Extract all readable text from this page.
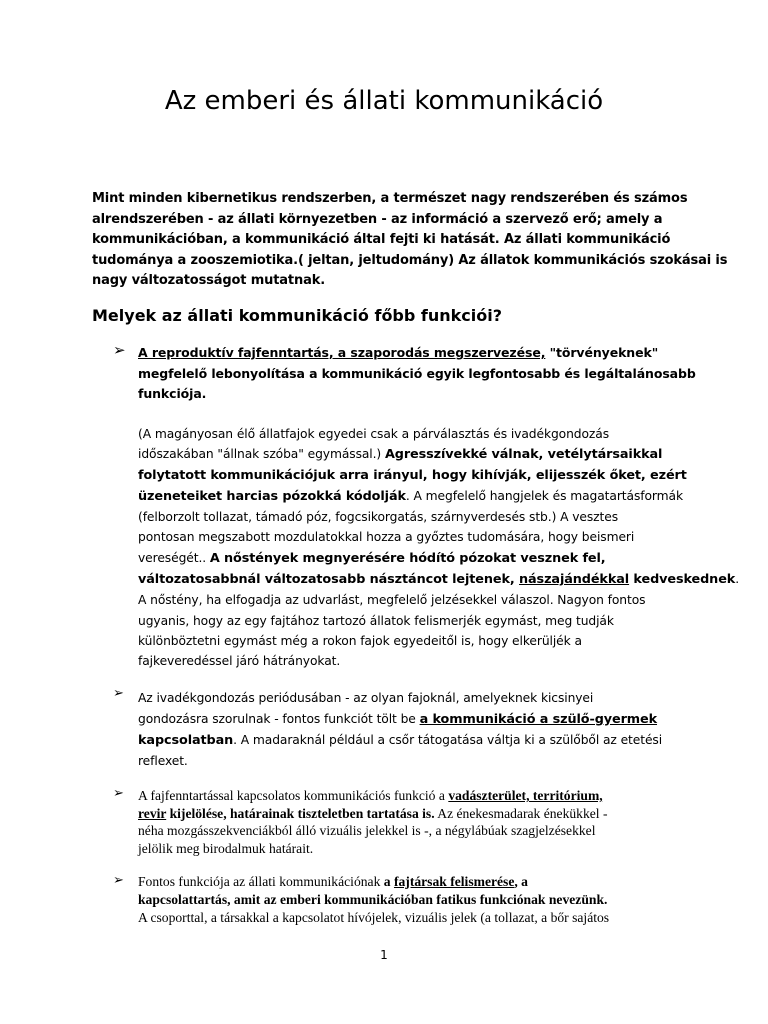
Az emberi és állati kommunikáció
Mint minden kibernetikus rendszerben, a természet nagy rendszerében és számos
alrendszerében - az állati környezetben - az információ a szervező erő; amely a
kommunikációban, a kommunikáció által fejti ki hatását. Az állati kommunikáció
tudománya a zooszemiotika.( jeltan, jeltudomány) Az állatok kommunikációs szokásai is
nagy változatosságot mutatnak.
Melyek az állati kommunikáció főbb funkciói?
➢ A reproduktív fajfenntartás, a szaporodás megszervezése, "törvényeknek"
megfelelő lebonyolítása a kommunikáció egyik legfontosabb és legáltalánosabb
funkciója.
(A magányosan élő állatfajok egyedei csak a párválasztás és ivadékgondozás
időszakában "állnak szóba" egymással.) Agresszívekké válnak, vetélytársaikkal
folytatott kommunikációjuk arra irányul, hogy kihívják, elijesszék őket, ezért
üzeneteiket harcias pózokká kódolják. A megfelelő hangjelek és magatartásformák
(felborzolt tollazat, támadó póz, fogcsikorgatás, szárnyverdesés stb.) A vesztes
pontosan megszabott mozdulatokkal hozza a győztes tudomására, hogy beismeri
vereségét.. A nőstények megnyerésére hódító pózokat vesznek fel,
változatosabbnál változatosabb násztáncot lejtenek, nászajándékkal kedveskednek.
A nőstény, ha elfogadja az udvarlást, megfelelő jelzésekkel válaszol. Nagyon fontos
ugyanis, hogy az egy fajtához tartozó állatok felismerjék egymást, meg tudják
különböztetni egymást még a rokon fajok egyedeitől is, hogy elkerüljék a
fajkeveredéssel járó hátrányokat.
➢ Az ivadékgondozás periódusában - az olyan fajoknál, amelyeknek kicsinyei
gondozásra szorulnak - fontos funkciót tölt be a kommunikáció a szülő-gyermek
kapcsolatban. A madaraknál például a csőr tátogatása váltja ki a szülőből az etetési
reflexet.
➢ A fajfenntartással kapcsolatos kommunikációs funkció a vadászterület, territórium,
revir kijelölése, határainak tiszteletben tartatása is. Az énekesmadarak énekükkel -
néha mozgásszekvenciákból álló vizuális jelekkel is -, a négylábúak szagjelzésekkel
jelölik meg birodalmuk határait.
➢ Fontos funkciója az állati kommunikációnak a fajtársak felismerése, a
kapcsolattartás, amit az emberi kommunikációban fatikus funkciónak nevezünk.
A csoporttal, a társakkal a kapcsolatot hívójelek, vizuális jelek (a tollazat, a bőr sajátos
1
